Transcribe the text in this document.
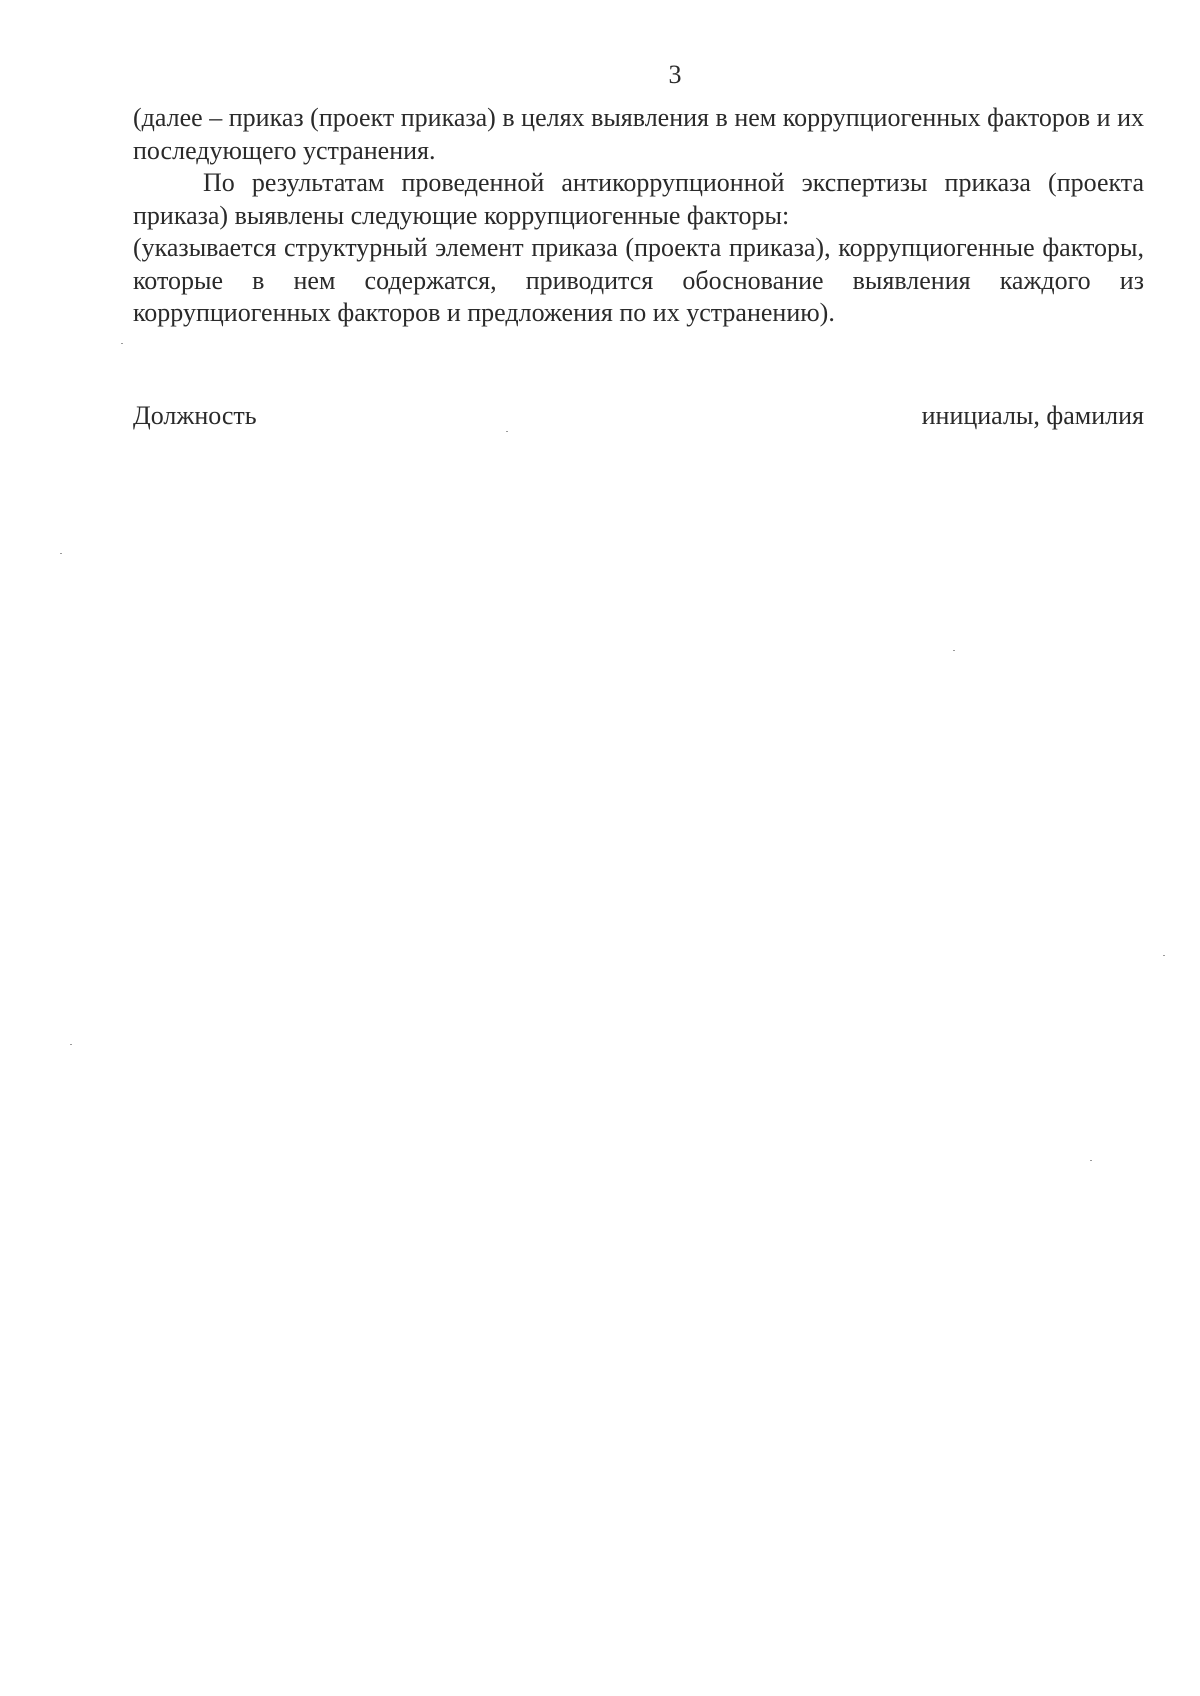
3

(далее – приказ (проект приказа) в целях выявления в нем коррупциогенных факторов и их последующего устранения.

По результатам проведенной антикоррупционной экспертизы приказа (проекта приказа) выявлены следующие коррупциогенные факторы:

(указывается структурный элемент приказа (проекта приказа), коррупциогенные факторы, которые в нем содержатся, приводится обоснование выявления каждого из коррупциогенных факторов и предложения по их устранению).

Должность	инициалы, фамилия
